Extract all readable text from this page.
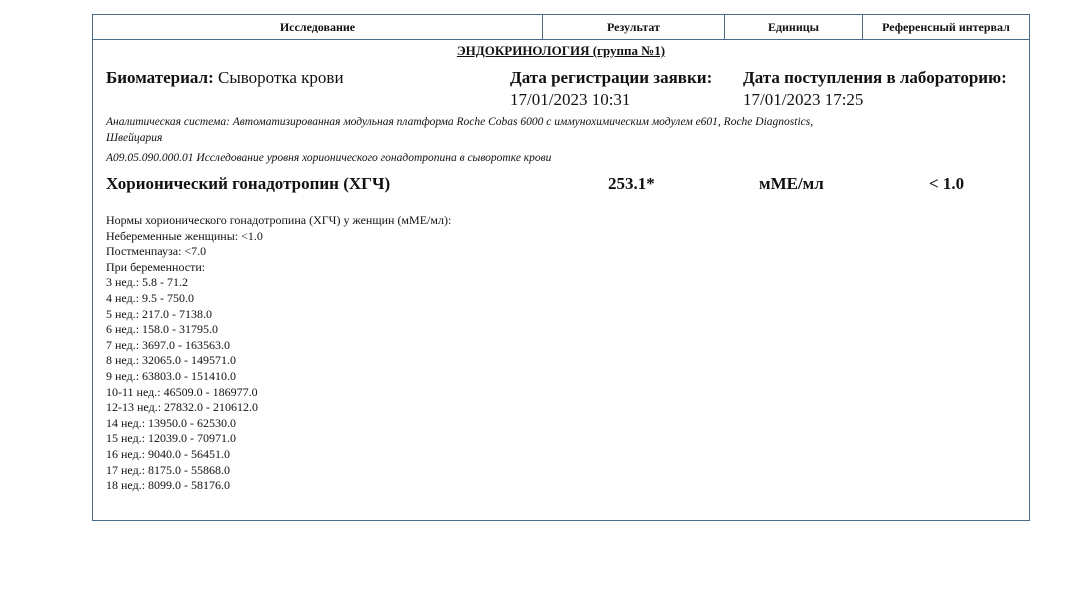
Исследование	Результат	Единицы	Референсный интервал
ЭНДОКРИНОЛОГИЯ (группа №1)
Биоматериал: Сыворотка крови	Дата регистрации заявки:
17/01/2023 10:31
Дата поступления в лабораторию:
17/01/2023 17:25
Аналитическая система: Автоматизированная модульная платформа Roche Cobas 6000 с иммунохимическим модулем e601, Roche Diagnostics,
Швейцария
A09.05.090.000.01 Исследование уровня хорионического гонадотропина в сыворотке крови
Хорионический гонадотропин (ХГЧ)	253.1*	мМЕ/мл	< 1.0
Нормы хорионического гонадотропина (ХГЧ) у женщин (мМЕ/мл):
Небеременные женщины: <1.0
Постменпауза: <7.0
При беременности:
3 нед.: 5.8 - 71.2
4 нед.: 9.5 - 750.0
5 нед.: 217.0 - 7138.0
6 нед.: 158.0 - 31795.0
7 нед.: 3697.0 - 163563.0
8 нед.: 32065.0 - 149571.0
9 нед.: 63803.0 - 151410.0
10-11 нед.: 46509.0 - 186977.0
12-13 нед.: 27832.0 - 210612.0
14 нед.: 13950.0 - 62530.0
15 нед.: 12039.0 - 70971.0
16 нед.: 9040.0 - 56451.0
17 нед.: 8175.0 - 55868.0
18 нед.: 8099.0 - 58176.0
